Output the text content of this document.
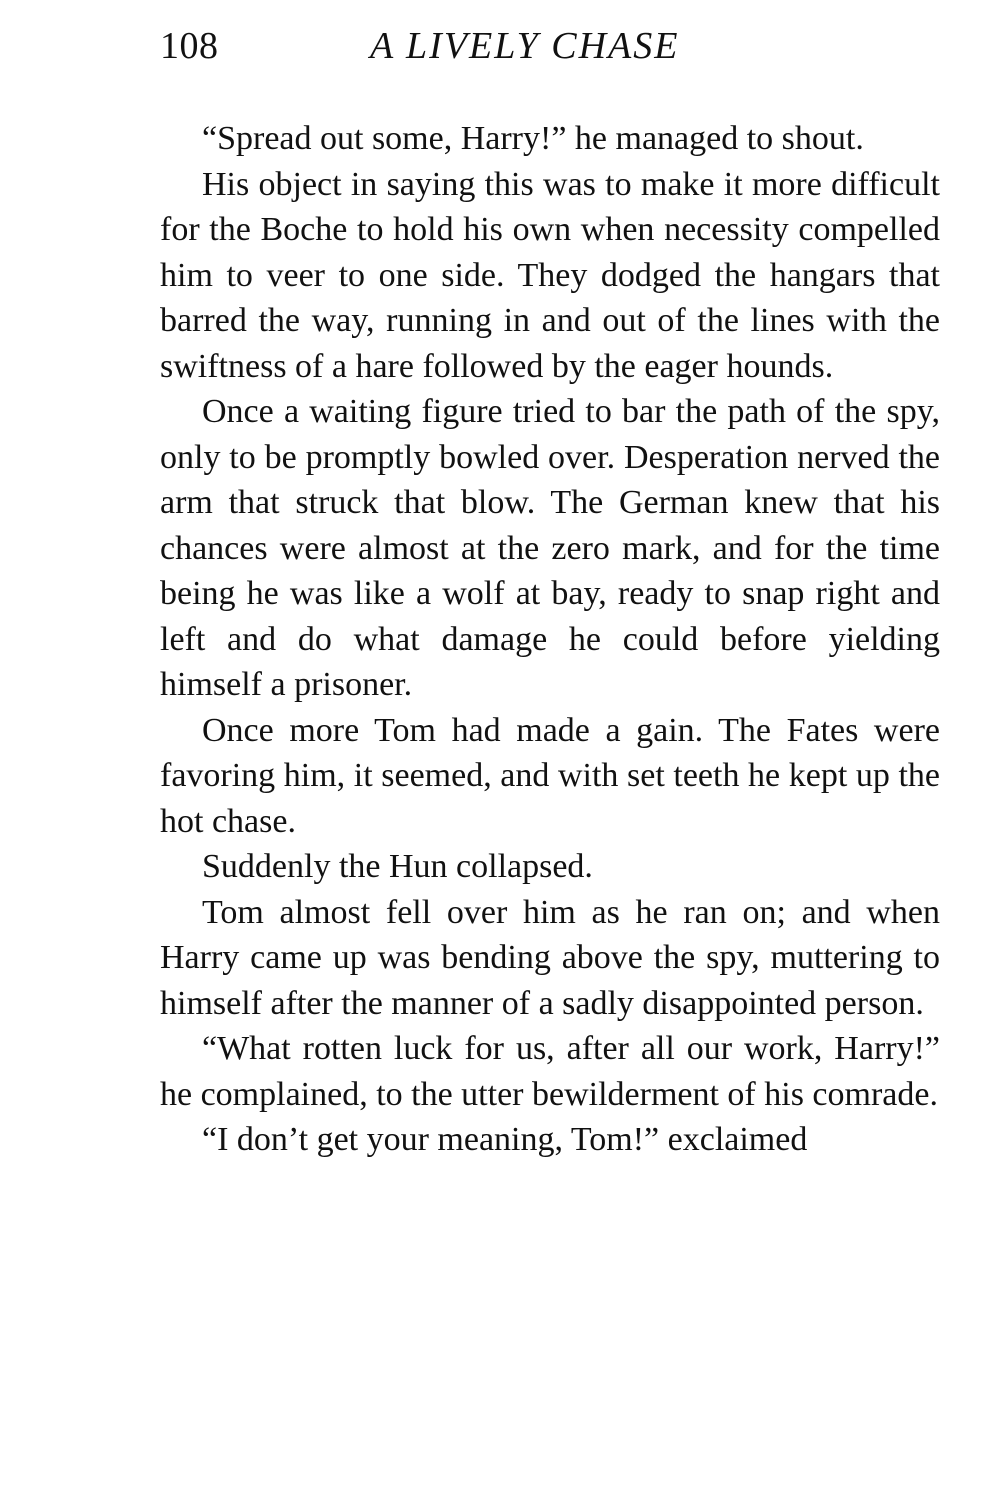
108	A LIVELY CHASE

“Spread out some, Harry!” he managed to shout.

His object in saying this was to make it more difficult for the Boche to hold his own when necessity compelled him to veer to one side. They dodged the hangars that barred the way, running in and out of the lines with the swiftness of a hare followed by the eager hounds.

Once a waiting figure tried to bar the path of the spy, only to be promptly bowled over. Desperation nerved the arm that struck that blow. The German knew that his chances were almost at the zero mark, and for the time being he was like a wolf at bay, ready to snap right and left and do what damage he could before yielding himself a prisoner.

Once more Tom had made a gain. The Fates were favoring him, it seemed, and with set teeth he kept up the hot chase.

Suddenly the Hun collapsed.

Tom almost fell over him as he ran on; and when Harry came up was bending above the spy, muttering to himself after the manner of a sadly disappointed person.

“What rotten luck for us, after all our work, Harry!” he complained, to the utter bewilderment of his comrade.

“I don’t get your meaning, Tom!” exclaimed
